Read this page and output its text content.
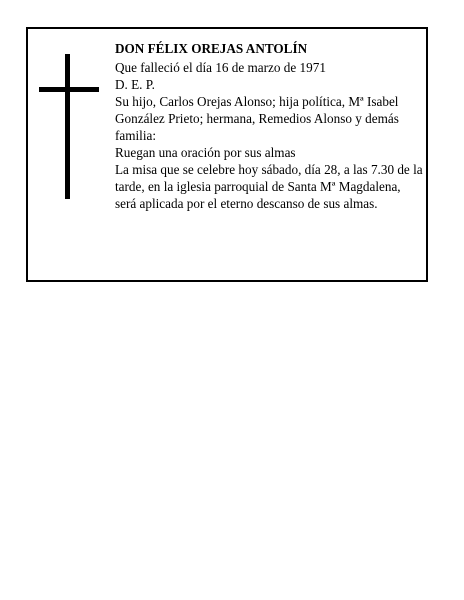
DON FÉLIX OREJAS ANTOLÍN

Que falleció el día 16 de marzo de 1971

D. E. P.

Su hijo, Carlos Orejas Alonso; hija política, Mª Isabel González Prieto; hermana, Remedios Alonso y demás familia:

Ruegan una oración por sus almas

La misa que se celebre hoy sábado, día 28, a las 7.30 de la tarde, en la iglesia parroquial de Santa Mª Magdalena, será aplicada por el eterno descanso de sus almas.
